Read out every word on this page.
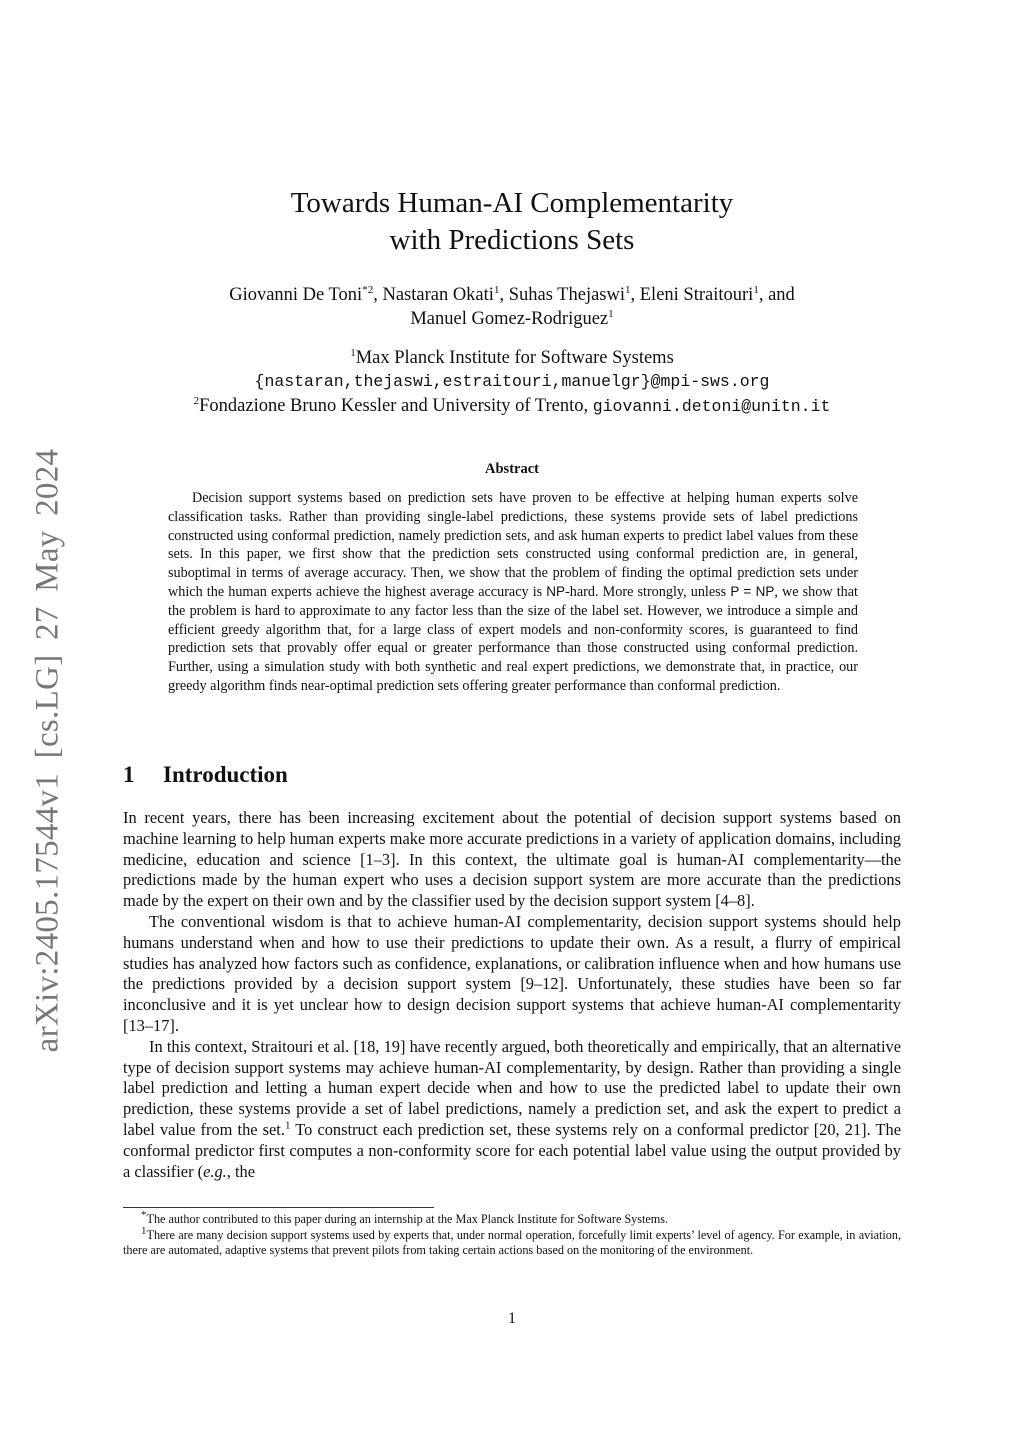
arXiv:2405.17544v1 [cs.LG] 27 May 2024
Towards Human-AI Complementarity
with Predictions Sets
Giovanni De Toni$^{*2}$, Nastaran Okati$^1$, Suhas Thejaswi$^1$, Eleni Straitouri$^1$, and
Manuel Gomez-Rodriguez$^1$
$^1$Max Planck Institute for Software Systems
{nastaran,thejaswi,estraitouri,manuelgr}@mpi-sws.org
$^2$Fondazione Bruno Kessler and University of Trento, giovanni.detoni@unitn.it
Abstract

Decision support systems based on prediction sets have proven to be effective at helping human experts solve classification tasks. Rather than providing single-label predictions, these systems provide sets of label predictions constructed using conformal prediction, namely prediction sets, and ask human experts to predict label values from these sets. In this paper, we first show that the prediction sets constructed using conformal prediction are, in general, suboptimal in terms of average accuracy. Then, we show that the problem of finding the optimal prediction sets under which the human experts achieve the highest average accuracy is NP-hard. More strongly, unless P = NP, we show that the problem is hard to approximate to any factor less than the size of the label set. However, we introduce a simple and efficient greedy algorithm that, for a large class of expert models and non-conformity scores, is guaranteed to find prediction sets that provably offer equal or greater performance than those constructed using conformal prediction. Further, using a simulation study with both synthetic and real expert predictions, we demonstrate that, in practice, our greedy algorithm finds near-optimal prediction sets offering greater performance than conformal prediction.

1 Introduction

In recent years, there has been increasing excitement about the potential of decision support systems based on machine learning to help human experts make more accurate predictions in a variety of application domains, including medicine, education and science [1–3]. In this context, the ultimate goal is human-AI complementarity—the predictions made by the human expert who uses a decision support system are more accurate than the predictions made by the expert on their own and by the classifier used by the decision support system [4–8].

The conventional wisdom is that to achieve human-AI complementarity, decision support systems should help humans understand when and how to use their predictions to update their own. As a result, a flurry of empirical studies has analyzed how factors such as confidence, explanations, or calibration influence when and how humans use the predictions provided by a decision support system [9–12]. Unfortunately, these studies have been so far inconclusive and it is yet unclear how to design decision support systems that achieve human-AI complementarity [13–17].

In this context, Straitouri et al. [18, 19] have recently argued, both theoretically and empirically, that an alternative type of decision support systems may achieve human-AI complementarity, by design. Rather than providing a single label prediction and letting a human expert decide when and how to use the predicted label to update their own prediction, these systems provide a set of label predictions, namely a prediction set, and ask the expert to predict a label value from the set.$^1$ To construct each prediction set, these systems rely on a conformal predictor [20, 21]. The conformal predictor first computes a non-conformity score for each potential label value using the output provided by a classifier (e.g., the

*The author contributed to this paper during an internship at the Max Planck Institute for Software Systems.

$^1$There are many decision support systems used by experts that, under normal operation, forcefully limit experts’ level of agency. For example, in aviation, there are automated, adaptive systems that prevent pilots from taking certain actions based on the monitoring of the environment.

1
